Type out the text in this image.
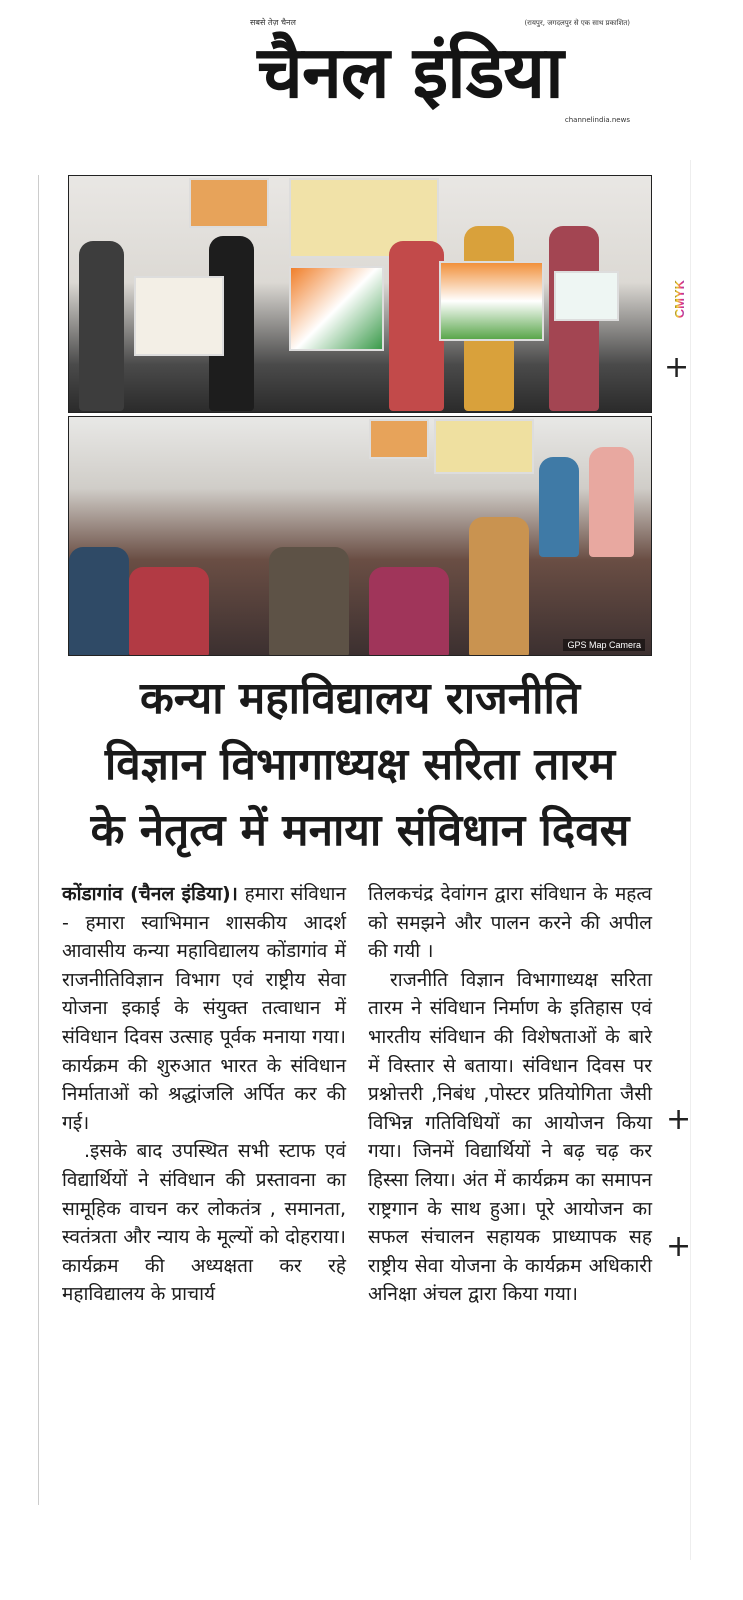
सबसे तेज़ चैनल	(रायपुर, जगदलपुर से एक साथ प्रकाशित)
चैनल इंडिया
channelindia.news
GPS Map Camera
कन्या महाविद्यालय राजनीति
विज्ञान विभागाध्यक्ष सरिता तारम
के नेतृत्व में मनाया संविधान दिवस

कोंडागांव (चैनल इंडिया)। हमारा संविधान - हमारा स्वाभिमान शासकीय आदर्श आवासीय कन्या महाविद्यालय कोंडागांव में राजनीतिविज्ञान विभाग एवं राष्ट्रीय सेवा योजना इकाई के संयुक्त तत्वाधान में संविधान दिवस उत्साह पूर्वक मनाया गया। कार्यक्रम की शुरुआत भारत के संविधान निर्माताओं को श्रद्धांजलि अर्पित कर की गई।

.इसके बाद उपस्थित सभी स्टाफ एवं विद्यार्थियों ने संविधान की प्रस्तावना का सामूहिक वाचन कर लोकतंत्र , समानता, स्वतंत्रता और न्याय के मूल्यों को दोहराया। कार्यक्रम की अध्यक्षता कर रहे महाविद्यालय के प्राचार्य

तिलकचंद्र देवांगन द्वारा संविधान के महत्व को समझने और पालन करने की अपील की गयी ।

राजनीति विज्ञान विभागाध्यक्ष सरिता तारम ने संविधान निर्माण के इतिहास एवं भारतीय संविधान की विशेषताओं के बारे में विस्तार से बताया। संविधान दिवस पर प्रश्नोत्तरी ,निबंध ,पोस्टर प्रतियोगिता जैसी विभिन्न गतिविधियों का आयोजन किया गया। जिनमें विद्यार्थियों ने बढ़ चढ़ कर हिस्सा लिया। अंत में कार्यक्रम का समापन राष्ट्रगान के साथ हुआ। पूरे आयोजन का सफल संचालन सहायक प्राध्यापक सह राष्ट्रीय सेवा योजना के कार्यक्रम अधिकारी अनिक्षा अंचल द्वारा किया गया।

CMYK
+
+
+
